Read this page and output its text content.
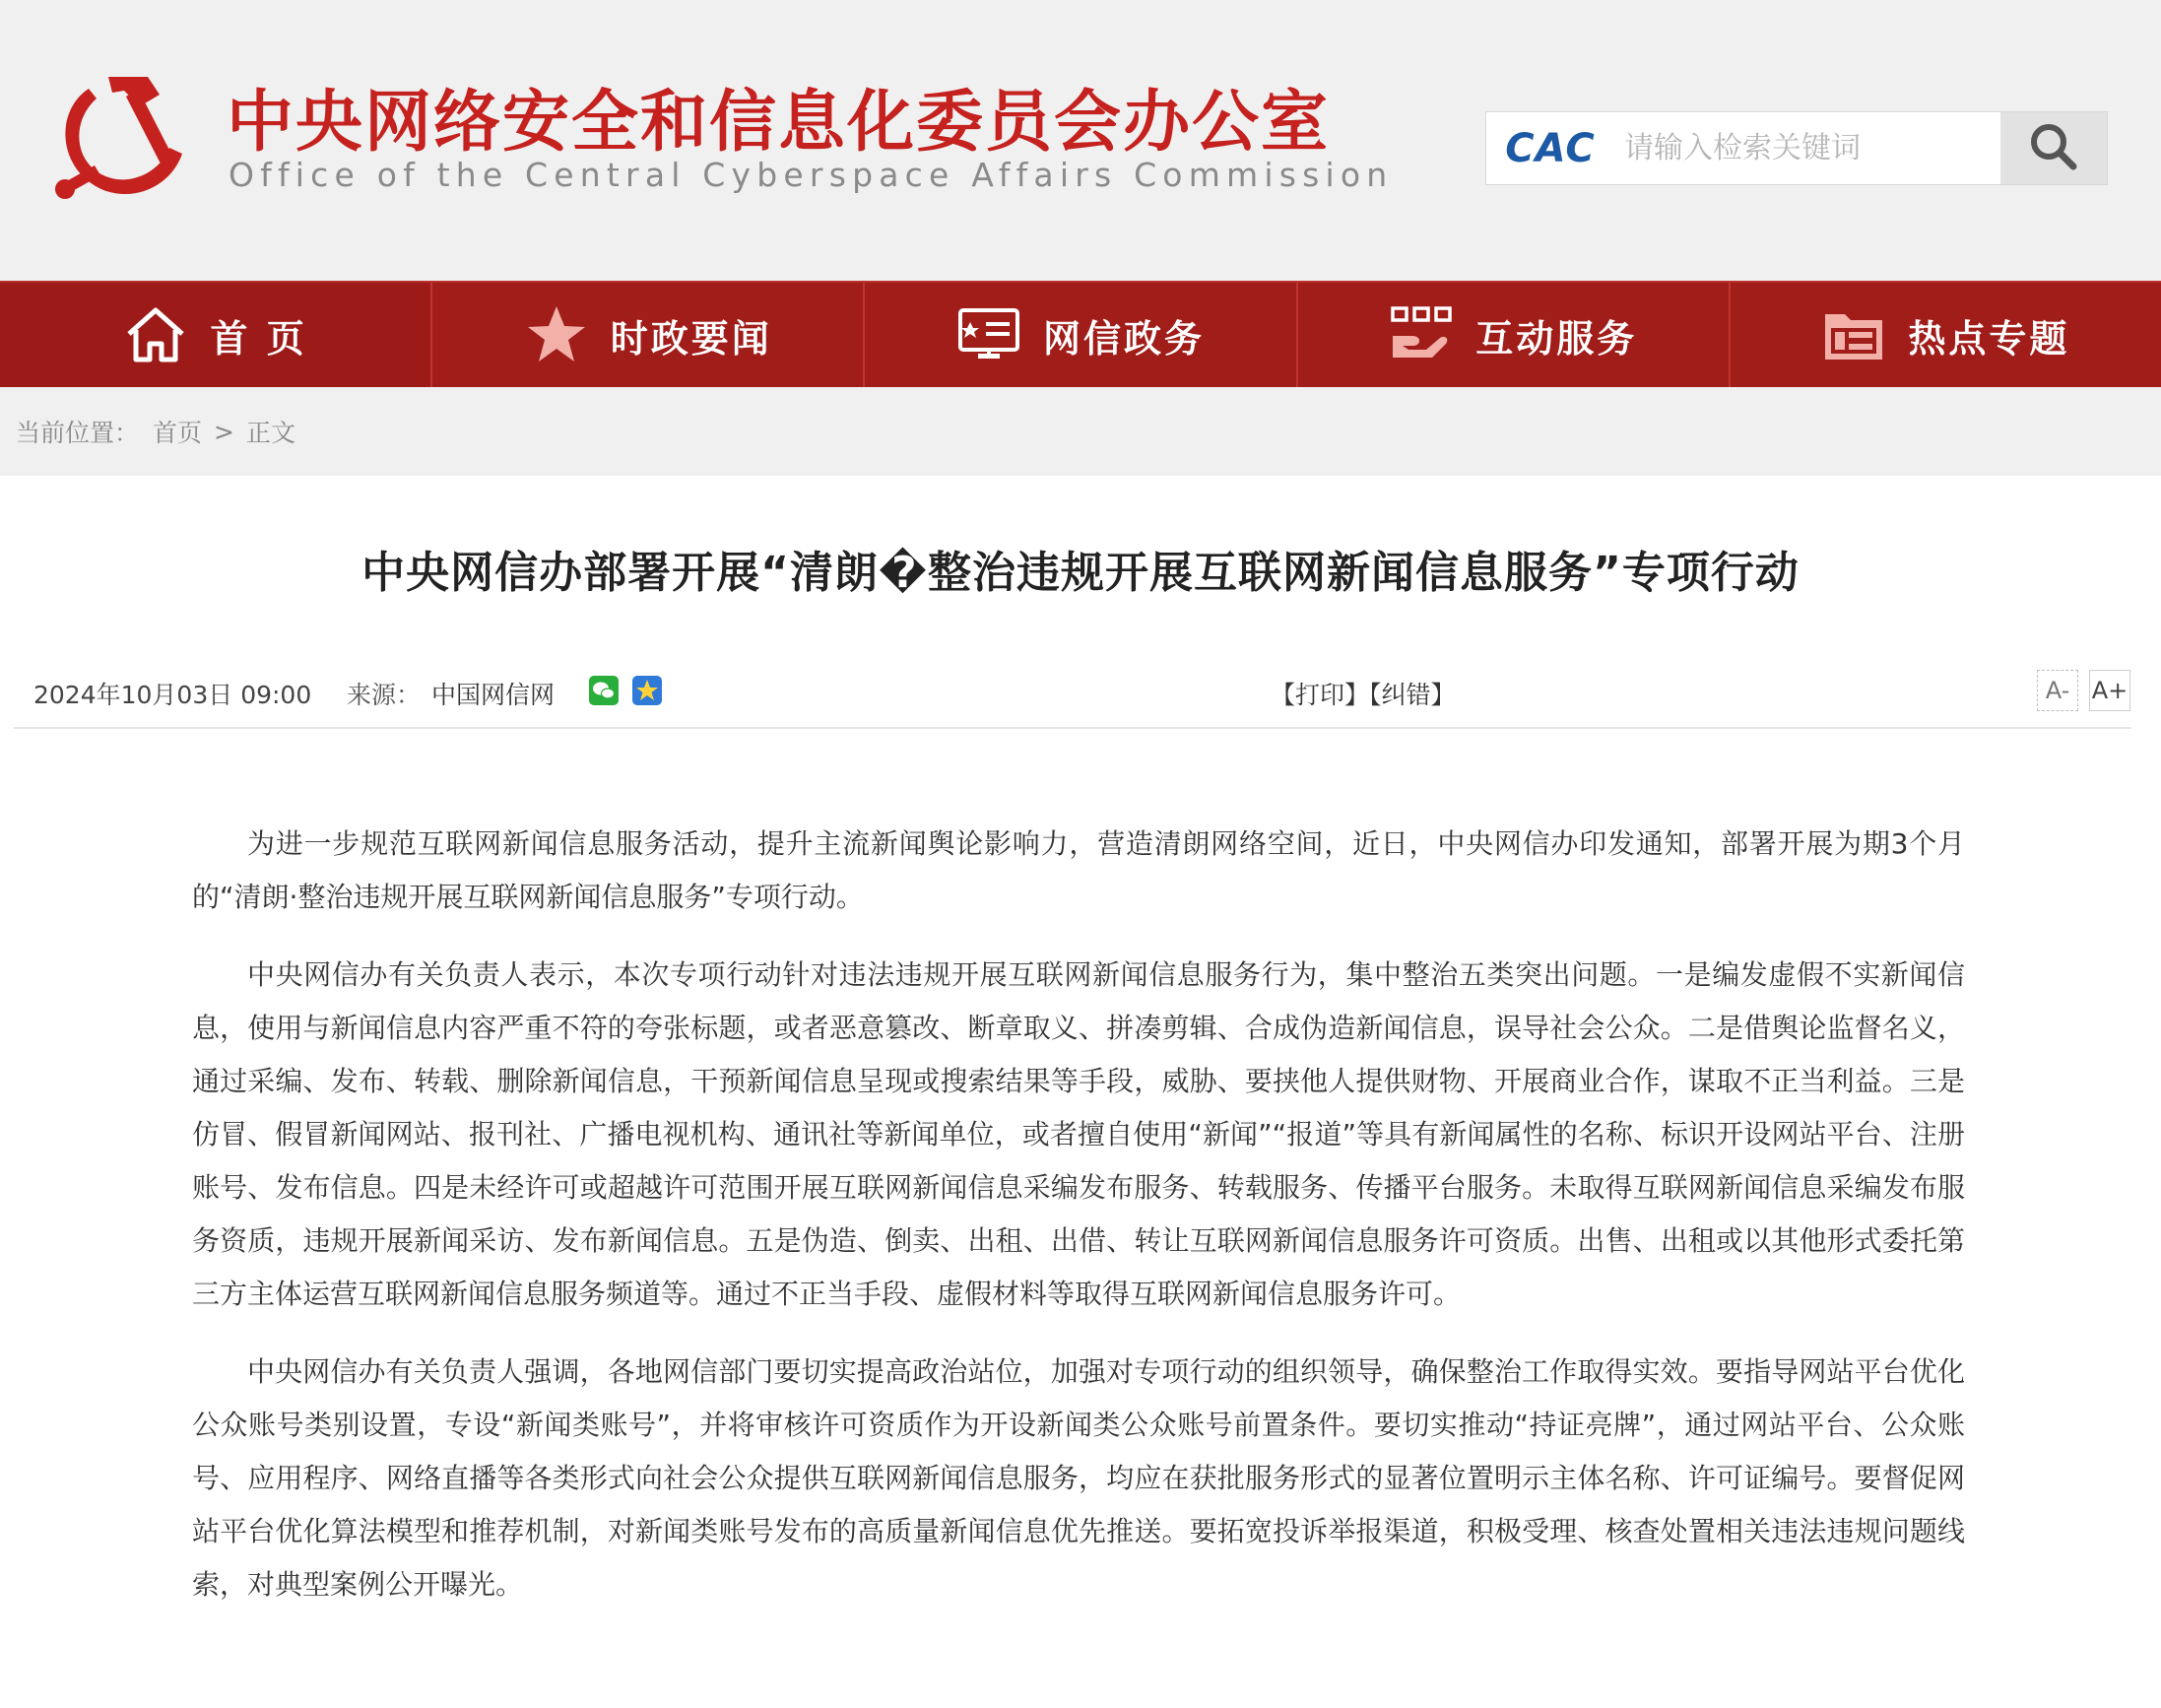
中央网络安全和信息化委员会办公室
Office of the Central Cyberspace Affairs Commission
CAC
请输入检索关键词
首 页	时政要闻	网信政务	互动服务	热点专题
当前位置： 首页 > 正文
中央网信办部署开展“清朗�整治违规开展互联网新闻信息服务”专项行动
2024年10月03日 09:00 来源： 中国网信网	【打印】【纠错】	A- A+

为进一步规范互联网新闻信息服务活动，提升主流新闻舆论影响力，营造清朗网络空间，近日，中央网信办印发通知，部署开展为期3个月的“清朗·整治违规开展互联网新闻信息服务”专项行动。

中央网信办有关负责人表示，本次专项行动针对违法违规开展互联网新闻信息服务行为，集中整治五类突出问题。一是编发虚假不实新闻信息，使用与新闻信息内容严重不符的夸张标题，或者恶意篡改、断章取义、拼凑剪辑、合成伪造新闻信息，误导社会公众。二是借舆论监督名义，通过采编、发布、转载、删除新闻信息，干预新闻信息呈现或搜索结果等手段，威胁、要挟他人提供财物、开展商业合作，谋取不正当利益。三是仿冒、假冒新闻网站、报刊社、广播电视机构、通讯社等新闻单位，或者擅自使用“新闻”“报道”等具有新闻属性的名称、标识开设网站平台、注册账号、发布信息。四是未经许可或超越许可范围开展互联网新闻信息采编发布服务、转载服务、传播平台服务。未取得互联网新闻信息采编发布服务资质，违规开展新闻采访、发布新闻信息。五是伪造、倒卖、出租、出借、转让互联网新闻信息服务许可资质。出售、出租或以其他形式委托第三方主体运营互联网新闻信息服务频道等。通过不正当手段、虚假材料等取得互联网新闻信息服务许可。

中央网信办有关负责人强调，各地网信部门要切实提高政治站位，加强对专项行动的组织领导，确保整治工作取得实效。要指导网站平台优化公众账号类别设置，专设“新闻类账号”，并将审核许可资质作为开设新闻类公众账号前置条件。要切实推动“持证亮牌”，通过网站平台、公众账号、应用程序、网络直播等各类形式向社会公众提供互联网新闻信息服务，均应在获批服务形式的显著位置明示主体名称、许可证编号。要督促网站平台优化算法模型和推荐机制，对新闻类账号发布的高质量新闻信息优先推送。要拓宽投诉举报渠道，积极受理、核查处置相关违法违规问题线索，对典型案例公开曝光。
